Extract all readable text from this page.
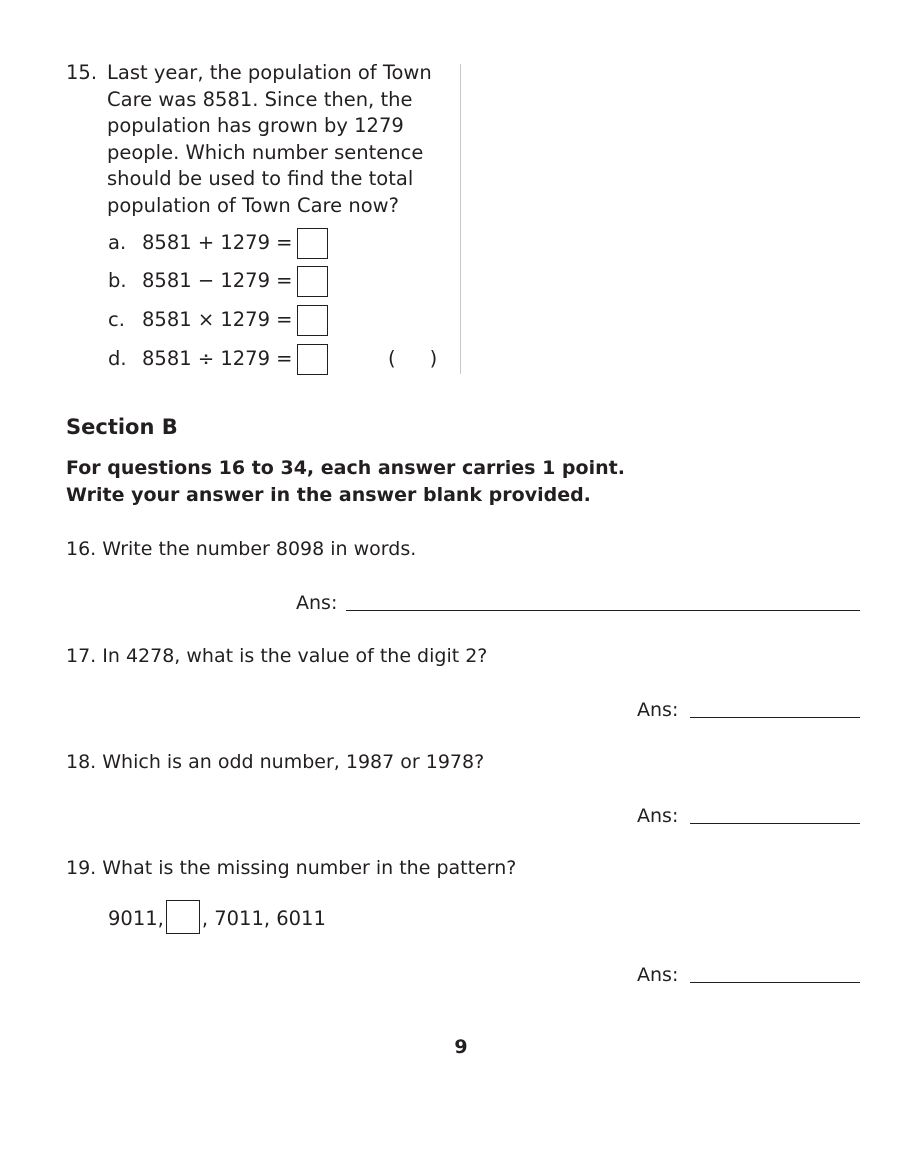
15. Last year, the population of Town
Care was 8581. Since then, the
population has grown by 1279
people. Which number sentence
should be used to find the total
population of Town Care now?
a. 8581 + 1279 =
b. 8581 − 1279 =
c. 8581 × 1279 =
d. 8581 ÷ 1279 =	( )
Section B
For questions 16 to 34, each answer carries 1 point.
Write your answer in the answer blank provided.
16. Write the number 8098 in words.
Ans:
17. In 4278, what is the value of the digit 2?
Ans:
18. Which is an odd number, 1987 or 1978?
Ans:
19. What is the missing number in the pattern?
9011, , 7011, 6011
Ans:
9
